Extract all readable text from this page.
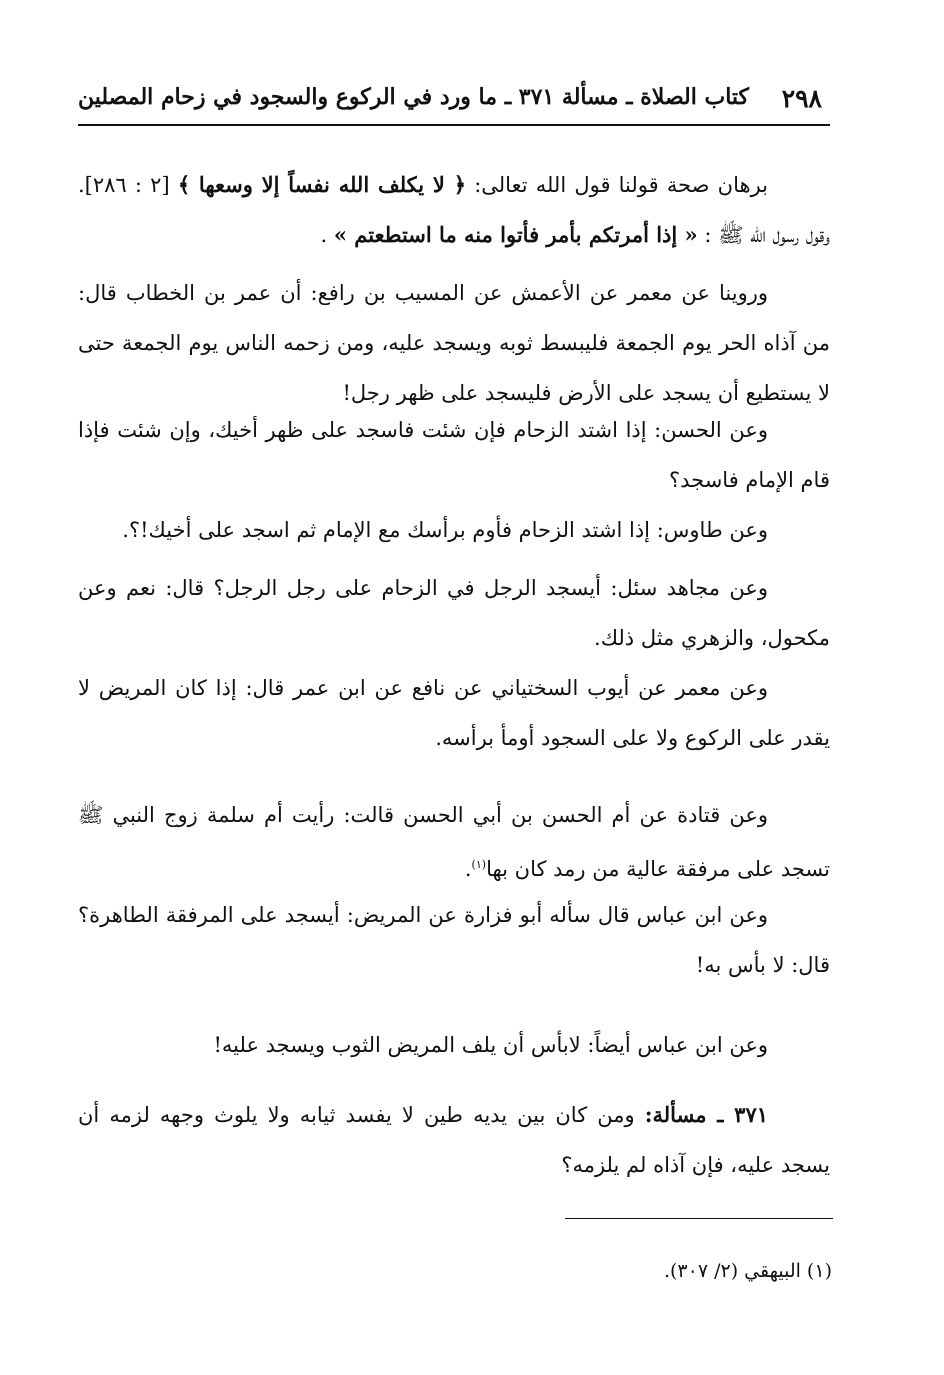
٢٩٨
كتاب الصلاة ـ مسألة ٣٧١ ـ ما ورد في الركوع والسجود في زحام المصلين

برهان صحة قولنا قول الله تعالى: ﴿ لا يكلف الله نفساً إلا وسعها ﴾ [٢ : ٢٨٦]. وقول رسول الله ﷺ : « إذا أمرتكم بأمر فأتوا منه ما استطعتم » .

وروينا عن معمر عن الأعمش عن المسيب بن رافع: أن عمر بن الخطاب قال: من آذاه الحر يوم الجمعة فليبسط ثوبه ويسجد عليه، ومن زحمه الناس يوم الجمعة حتى لا يستطيع أن يسجد على الأرض فليسجد على ظهر رجل!

وعن الحسن: إذا اشتد الزحام فإن شئت فاسجد على ظهر أخيك، وإن شئت فإذا قام الإمام فاسجد؟

وعن طاوس: إذا اشتد الزحام فأوم برأسك مع الإمام ثم اسجد على أخيك!؟.

وعن مجاهد سئل: أيسجد الرجل في الزحام على رجل الرجل؟ قال: نعم وعن مكحول، والزهري مثل ذلك.

وعن معمر عن أيوب السختياني عن نافع عن ابن عمر قال: إذا كان المريض لا يقدر على الركوع ولا على السجود أومأ برأسه.

وعن قتادة عن أم الحسن بن أبي الحسن قالت: رأيت أم سلمة زوج النبي ﷺ تسجد على مرفقة عالية من رمد كان بها$^{(١)}$.

وعن ابن عباس قال سأله أبو فزارة عن المريض: أيسجد على المرفقة الطاهرة؟ قال: لا بأس به!

وعن ابن عباس أيضاً: لابأس أن يلف المريض الثوب ويسجد عليه!

٣٧١ ـ مسألة: ومن كان بين يديه طين لا يفسد ثيابه ولا يلوث وجهه لزمه أن يسجد عليه، فإن آذاه لم يلزمه؟

(١) البيهقي (٢/ ٣٠٧).
